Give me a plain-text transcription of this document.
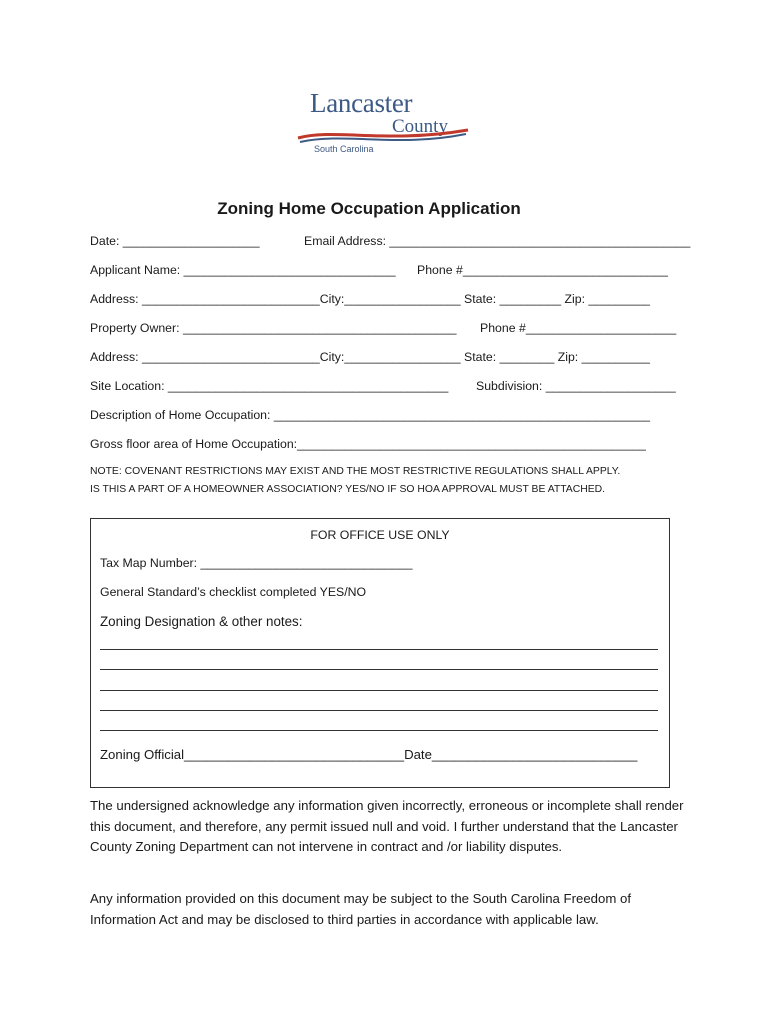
Lancaster
County
South Carolina
Zoning Home Occupation Application
Date: ____________________	Email Address: ____________________________________________
Applicant Name: _______________________________ Phone #______________________________
Address: __________________________City:_________________ State: _________ Zip: _________
Property Owner: ________________________________________ Phone #______________________
Address: __________________________City:_________________ State: ________ Zip: __________
Site Location: _________________________________________ Subdivision: ___________________
Description of Home Occupation: _______________________________________________________
Gross floor area of Home Occupation:___________________________________________________
NOTE: COVENANT RESTRICTIONS MAY EXIST AND THE MOST RESTRICTIVE REGULATIONS SHALL APPLY.
IS THIS A PART OF A HOMEOWNER ASSOCIATION? YES/NO IF SO HOA APPROVAL MUST BE ATTACHED.
FOR OFFICE USE ONLY
Tax Map Number: _______________________________
General Standard’s checklist completed YES/NO
Zoning Designation & other notes:
Zoning Official______________________________Date____________________________
The undersigned acknowledge any information given incorrectly, erroneous or incomplete shall render this document, and therefore, any permit issued null and void. I further understand that the Lancaster County Zoning Department can not intervene in contract and /or liability disputes.
Any information provided on this document may be subject to the South Carolina Freedom of Information Act and may be disclosed to third parties in accordance with applicable law.
